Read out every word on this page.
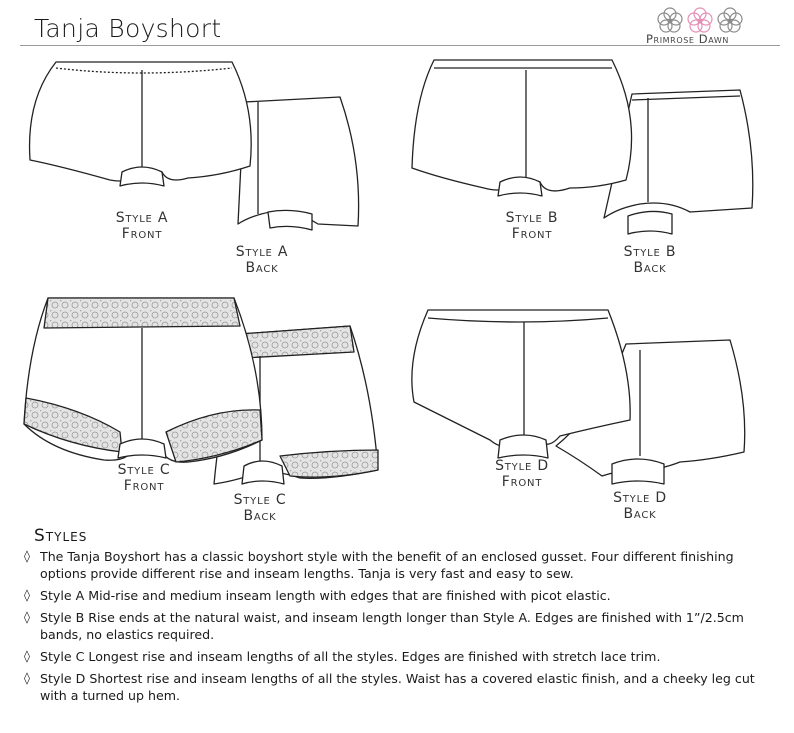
Tanja Boyshort	Primrose Dawn
Style A
Front
Style A
Back
Style B
Front
Style B
Back
Style C
Front
Style C
Back
Style D
Front
Style D
Back
Styles
◊ The Tanja Boyshort has a classic boyshort style with the benefit of an enclosed gusset. Four different finishing options provide different rise and inseam lengths. Tanja is very fast and easy to sew.
◊ Style A Mid-rise and medium inseam length with edges that are finished with picot elastic.
◊ Style B Rise ends at the natural waist, and inseam length longer than Style A. Edges are finished with 1”/2.5cm bands, no elastics required.
◊ Style C Longest rise and inseam lengths of all the styles. Edges are finished with stretch lace trim.
◊ Style D Shortest rise and inseam lengths of all the styles. Waist has a covered elastic finish, and a cheeky leg cut with a turned up hem.
